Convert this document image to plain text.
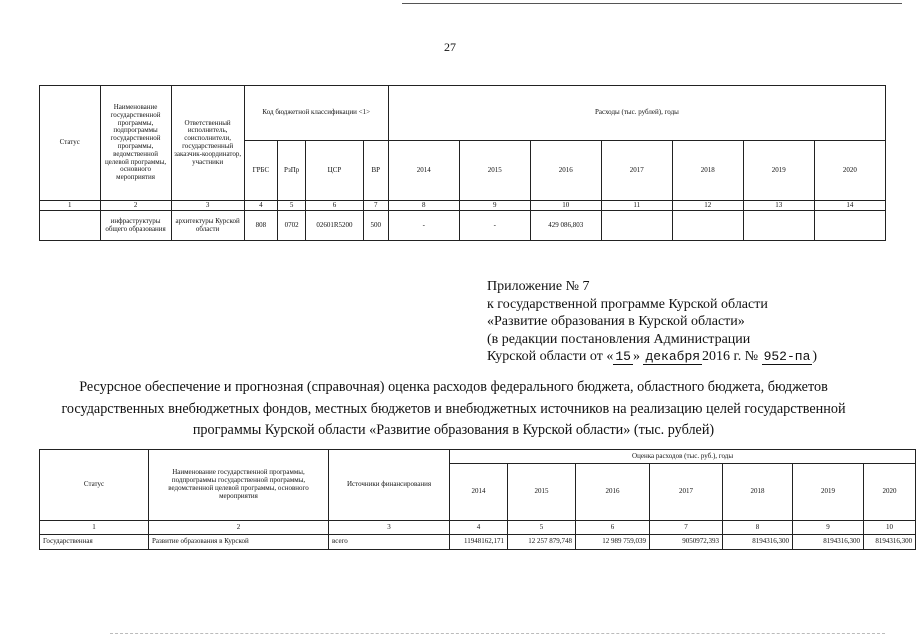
27
Статус	Наименование государственной программы, подпрограммы государственной программы, ведомственной целевой программы, основного мероприятия	Ответственный исполнитель, соисполнители, государственный заказчик-координатор, участники	Код бюджетной классификации <1>				Расходы (тыс. рублей), годы						
			ГРБС	РзПр	ЦСР	ВР	2014	2015	2016	2017	2018	2019	2020
1	2	3	4	5	6	7	8	9	10	11	12	13	14
	инфраструктуры общего образования	архитектуры Курской области	808	0702	02601R5200	500	-	-	429 086,803				
Приложение № 7
к государственной программе Курской области
«Развитие образования в Курской области»
(в редакции постановления Администрации
Курской области от « 15 » декабря 2016 г. № 952-па )
Ресурсное обеспечение и прогнозная (справочная) оценка расходов федерального бюджета, областного бюджета, бюджетов государственных внебюджетных фондов, местных бюджетов и внебюджетных источников на реализацию целей государственной программы Курской области «Развитие образования в Курской области» (тыс. рублей)
Статус	Наименование государственной программы, подпрограммы государственной программы, ведомственной целевой программы, основного мероприятия	Источники финансирования	Оценка расходов (тыс. руб.), годы						
			2014	2015	2016	2017	2018	2019	2020
1	2	3	4	5	6	7	8	9	10
Государственная	Развитие образования в Курской	всего	11948162,171	12 257 879,748	12 989 759,039	9050972,393	8194316,300	8194316,300	8194316,300
